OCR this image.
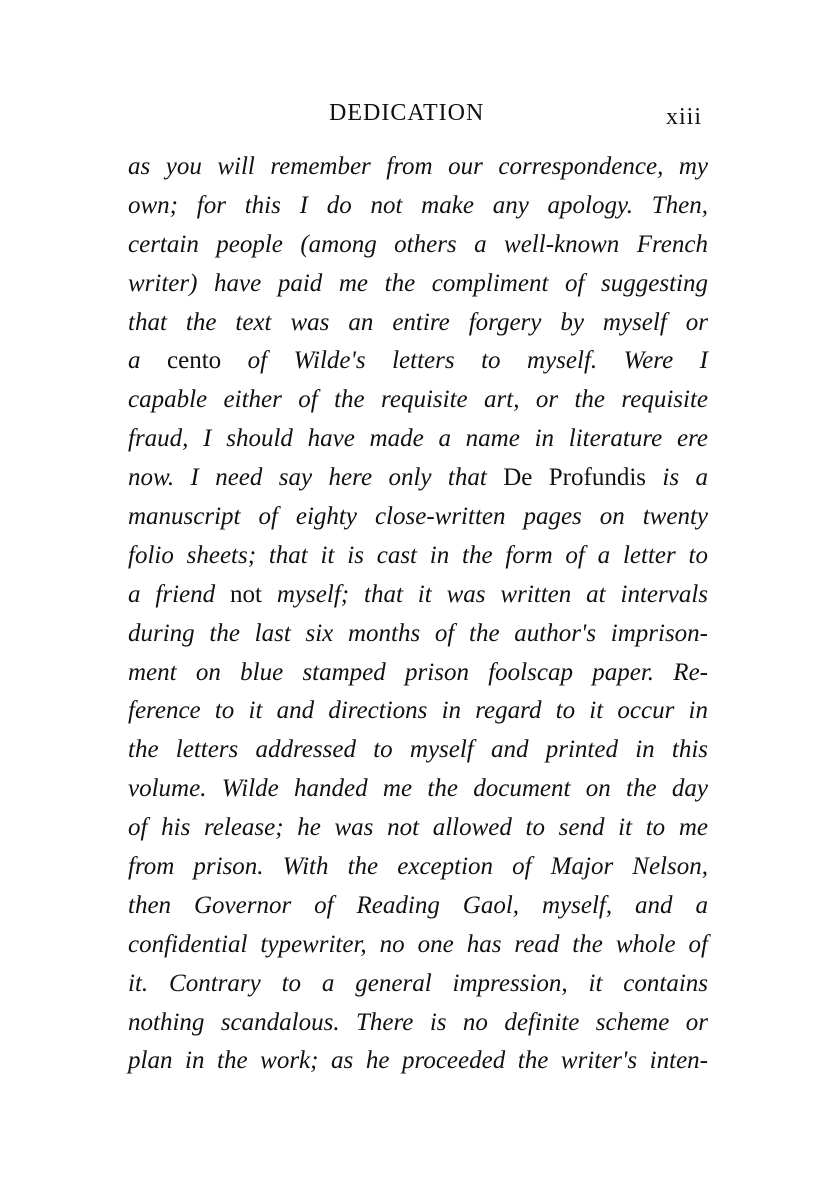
DEDICATION	xiii
as you will remember from our correspondence, my
own; for this I do not make any apology. Then,
certain people (among others a well-known French
writer) have paid me the compliment of suggesting
that the text was an entire forgery by myself or
a cento of Wilde's letters to myself. Were I
capable either of the requisite art, or the requisite
fraud, I should have made a name in literature ere
now. I need say here only that De Profundis is a
manuscript of eighty close-written pages on twenty
folio sheets; that it is cast in the form of a letter to
a friend not myself; that it was written at intervals
during the last six months of the author's imprison-
ment on blue stamped prison foolscap paper. Re-
ference to it and directions in regard to it occur in
the letters addressed to myself and printed in this
volume. Wilde handed me the document on the day
of his release; he was not allowed to send it to me
from prison. With the exception of Major Nelson,
then Governor of Reading Gaol, myself, and a
confidential typewriter, no one has read the whole of
it. Contrary to a general impression, it contains
nothing scandalous. There is no definite scheme or
plan in the work; as he proceeded the writer's inten-
